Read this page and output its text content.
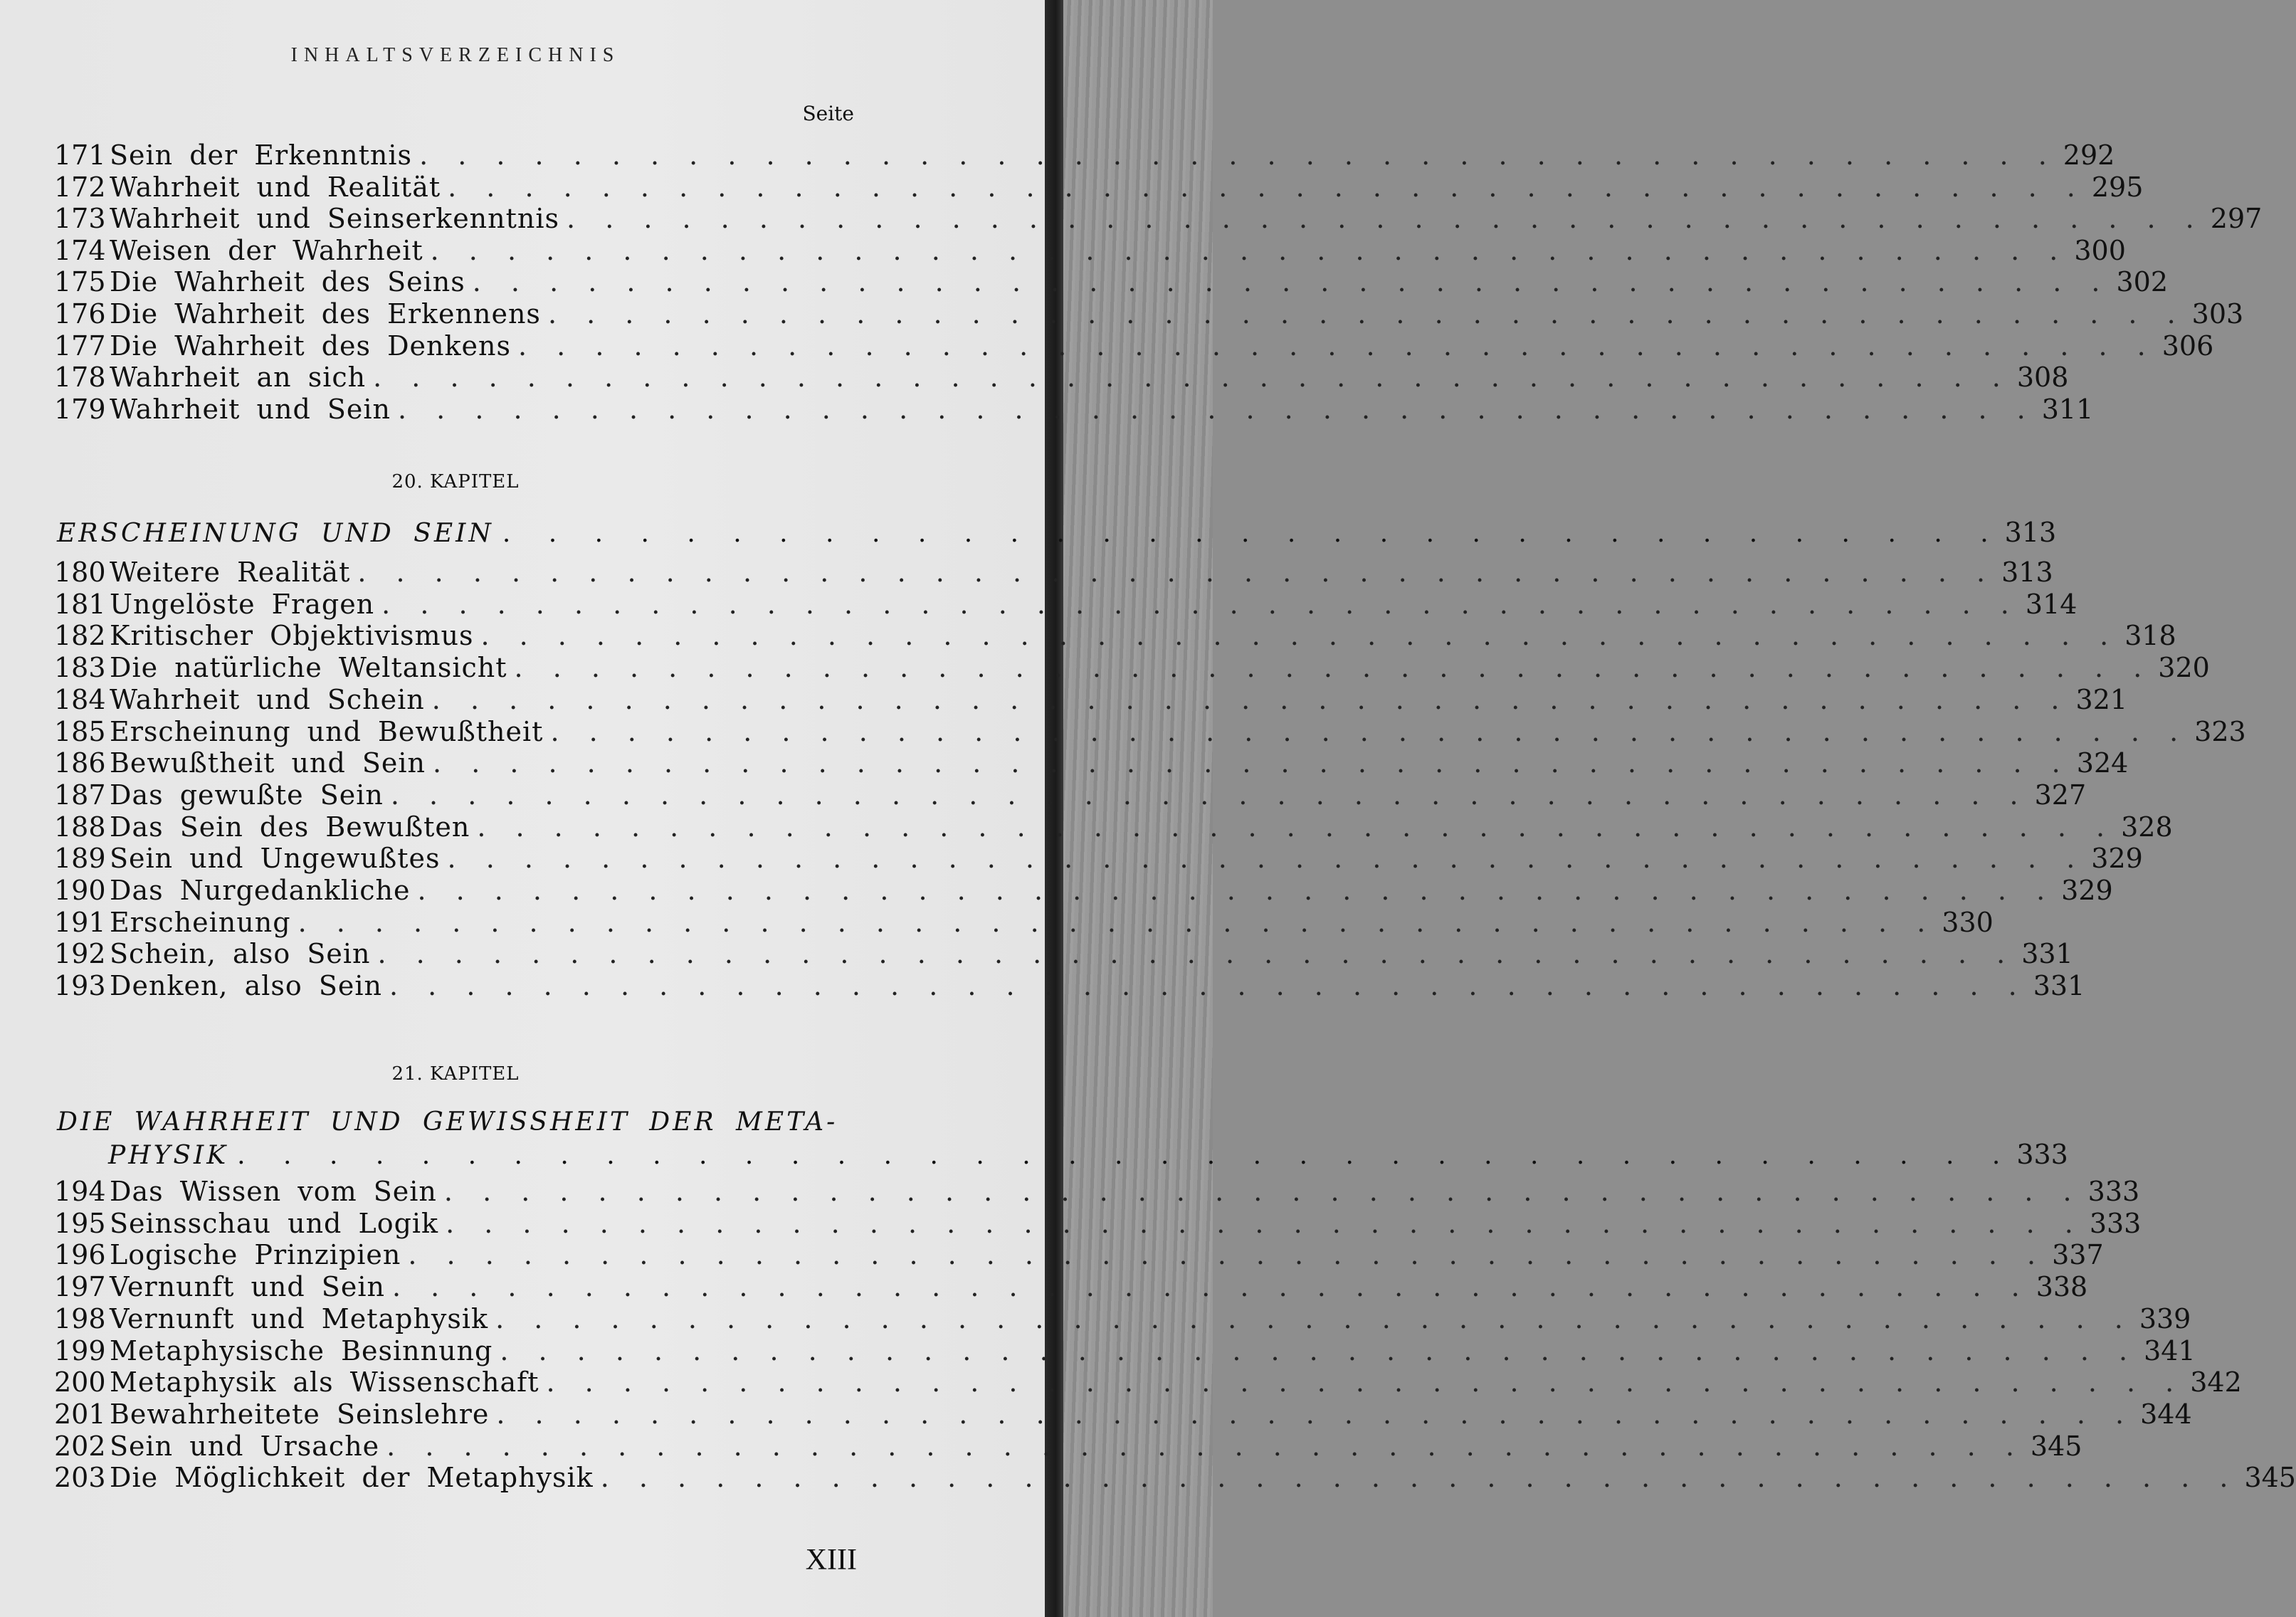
INHALTSVERZEICHNIS
Seite
171 Sein der Erkenntnis . . . . . . . . . . . . . . . . . . . . . . . . . . . . . . . . . . . . . . . . . . . 292
172 Wahrheit und Realität . . . . . . . . . . . . . . . . . . . . . . . . . . . . . . . . . . . . . . . . . . . 295
173 Wahrheit und Seinserkenntnis . . . . . . . . . . . . . . . . . . . . . . . . . . . . . . . . . . . . . . . . . . . 297
174 Weisen der Wahrheit . . . . . . . . . . . . . . . . . . . . . . . . . . . . . . . . . . . . . . . . . . . 300
175 Die Wahrheit des Seins . . . . . . . . . . . . . . . . . . . . . . . . . . . . . . . . . . . . . . . . . . . 302
176 Die Wahrheit des Erkennens . . . . . . . . . . . . . . . . . . . . . . . . . . . . . . . . . . . . . . . . . . . 303
177 Die Wahrheit des Denkens . . . . . . . . . . . . . . . . . . . . . . . . . . . . . . . . . . . . . . . . . . . 306
178 Wahrheit an sich . . . . . . . . . . . . . . . . . . . . . . . . . . . . . . . . . . . . . . . . . . . 308
179 Wahrheit und Sein . . . . . . . . . . . . . . . . . . . . . . . . . . . . . . . . . . . . . . . . . . . 311
20. KAPITEL
ERSCHEINUNG UND SEIN . . . . . . . . . . . . . . . . . . . . . . . . . . . . . . . . . 313
180 Weitere Realität . . . . . . . . . . . . . . . . . . . . . . . . . . . . . . . . . . . . . . . . . . . 313
181 Ungelöste Fragen . . . . . . . . . . . . . . . . . . . . . . . . . . . . . . . . . . . . . . . . . . . 314
182 Kritischer Objektivismus . . . . . . . . . . . . . . . . . . . . . . . . . . . . . . . . . . . . . . . . . . . 318
183 Die natürliche Weltansicht . . . . . . . . . . . . . . . . . . . . . . . . . . . . . . . . . . . . . . . . . . . 320
184 Wahrheit und Schein . . . . . . . . . . . . . . . . . . . . . . . . . . . . . . . . . . . . . . . . . . . 321
185 Erscheinung und Bewußtheit . . . . . . . . . . . . . . . . . . . . . . . . . . . . . . . . . . . . . . . . . . . 323
186 Bewußtheit und Sein . . . . . . . . . . . . . . . . . . . . . . . . . . . . . . . . . . . . . . . . . . . 324
187 Das gewußte Sein . . . . . . . . . . . . . . . . . . . . . . . . . . . . . . . . . . . . . . . . . . . 327
188 Das Sein des Bewußten . . . . . . . . . . . . . . . . . . . . . . . . . . . . . . . . . . . . . . . . . . . 328
189 Sein und Ungewußtes . . . . . . . . . . . . . . . . . . . . . . . . . . . . . . . . . . . . . . . . . . . 329
190 Das Nurgedankliche . . . . . . . . . . . . . . . . . . . . . . . . . . . . . . . . . . . . . . . . . . . 329
191 Erscheinung . . . . . . . . . . . . . . . . . . . . . . . . . . . . . . . . . . . . . . . . . . . 330
192 Schein, also Sein . . . . . . . . . . . . . . . . . . . . . . . . . . . . . . . . . . . . . . . . . . . 331
193 Denken, also Sein . . . . . . . . . . . . . . . . . . . . . . . . . . . . . . . . . . . . . . . . . . . 331
21. KAPITEL
DIE WAHRHEIT UND GEWISSHEIT DER META-
PHYSIK . . . . . . . . . . . . . . . . . . . . . . . . . . . . . . . . . . . . . . . 333
194 Das Wissen vom Sein . . . . . . . . . . . . . . . . . . . . . . . . . . . . . . . . . . . . . . . . . . . 333
195 Seinsschau und Logik . . . . . . . . . . . . . . . . . . . . . . . . . . . . . . . . . . . . . . . . . . . 333
196 Logische Prinzipien . . . . . . . . . . . . . . . . . . . . . . . . . . . . . . . . . . . . . . . . . . . 337
197 Vernunft und Sein . . . . . . . . . . . . . . . . . . . . . . . . . . . . . . . . . . . . . . . . . . . 338
198 Vernunft und Metaphysik . . . . . . . . . . . . . . . . . . . . . . . . . . . . . . . . . . . . . . . . . . . 339
199 Metaphysische Besinnung . . . . . . . . . . . . . . . . . . . . . . . . . . . . . . . . . . . . . . . . . . . 341
200 Metaphysik als Wissenschaft . . . . . . . . . . . . . . . . . . . . . . . . . . . . . . . . . . . . . . . . . . . 342
201 Bewahrheitete Seinslehre . . . . . . . . . . . . . . . . . . . . . . . . . . . . . . . . . . . . . . . . . . . 344
202 Sein und Ursache . . . . . . . . . . . . . . . . . . . . . . . . . . . . . . . . . . . . . . . . . . . 345
203 Die Möglichkeit der Metaphysik . . . . . . . . . . . . . . . . . . . . . . . . . . . . . . . . . . . . . . . . . . . 345
XIII
